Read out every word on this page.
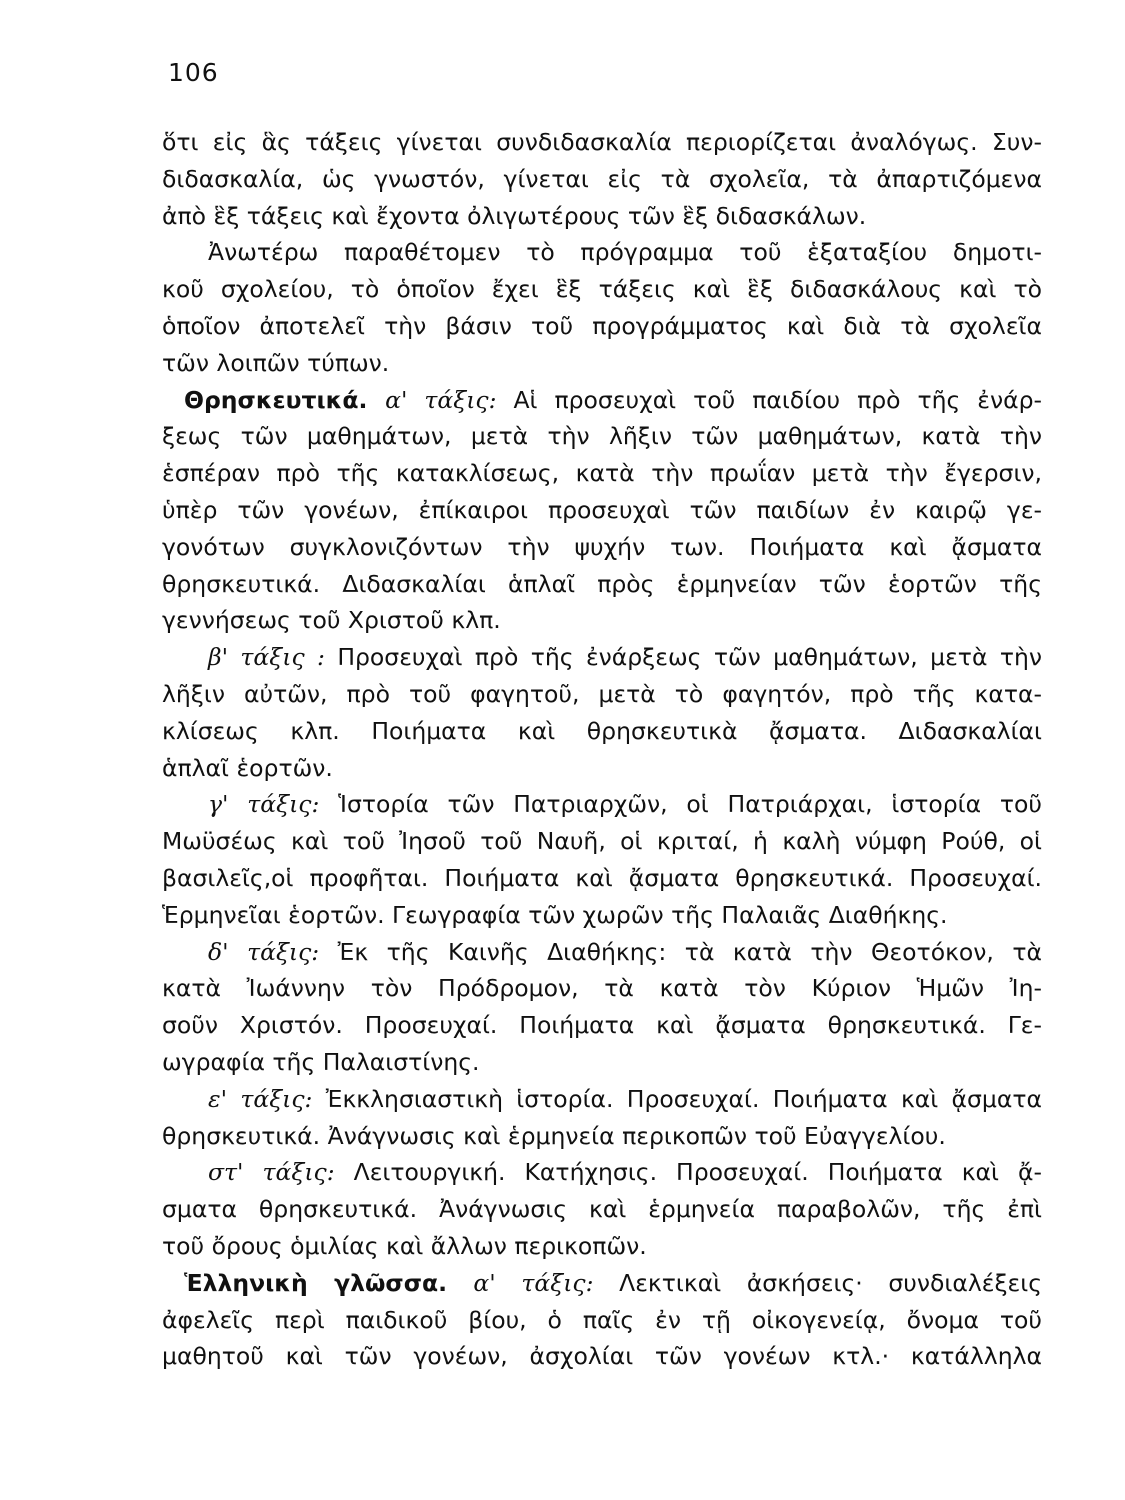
106
ὅτι εἰς ἃς τάξεις γίνεται συνδιδασκαλία περιορίζεται ἀναλόγως. Συν-
διδασκαλία, ὡς γνωστόν, γίνεται εἰς τὰ σχολεῖα, τὰ ἀπαρτιζόμενα
ἀπὸ ἓξ τάξεις καὶ ἔχοντα ὀλιγωτέρους τῶν ἓξ διδασκάλων.
Ἀνωτέρω παραθέτομεν τὸ πρόγραμμα τοῦ ἑξαταξίου δημοτι-
κοῦ σχολείου, τὸ ὁποῖον ἔχει ἓξ τάξεις καὶ ἓξ διδασκάλους καὶ τὸ
ὁποῖον ἀποτελεῖ τὴν βάσιν τοῦ προγράμματος καὶ διὰ τὰ σχολεῖα
τῶν λοιπῶν τύπων.
Θρησκευτικά. α' τάξις: Αἱ προσευχαὶ τοῦ παιδίου πρὸ τῆς ἐνάρ-
ξεως τῶν μαθημάτων, μετὰ τὴν λῆξιν τῶν μαθημάτων, κατὰ τὴν
ἑσπέραν πρὸ τῆς κατακλίσεως, κατὰ τὴν πρωΐαν μετὰ τὴν ἔγερσιν,
ὑπὲρ τῶν γονέων, ἐπίκαιροι προσευχαὶ τῶν παιδίων ἐν καιρῷ γε-
γονότων συγκλονιζόντων τὴν ψυχήν των. Ποιήματα καὶ ᾄσματα
θρησκευτικά. Διδασκαλίαι ἁπλαῖ πρὸς ἑρμηνείαν τῶν ἑορτῶν τῆς
γεννήσεως τοῦ Χριστοῦ κλπ.
β' τάξις : Προσευχαὶ πρὸ τῆς ἐνάρξεως τῶν μαθημάτων, μετὰ τὴν
λῆξιν αὐτῶν, πρὸ τοῦ φαγητοῦ, μετὰ τὸ φαγητόν, πρὸ τῆς κατα-
κλίσεως κλπ. Ποιήματα καὶ θρησκευτικὰ ᾄσματα. Διδασκαλίαι
ἁπλαῖ ἑορτῶν.
γ' τάξις: Ἱστορία τῶν Πατριαρχῶν, οἱ Πατριάρχαι, ἱστορία τοῦ
Μωϋσέως καὶ τοῦ Ἰησοῦ τοῦ Ναυῆ, οἱ κριταί, ἡ καλὴ νύμφη Ρούθ, οἱ
βασιλεῖς,οἱ προφῆται. Ποιήματα καὶ ᾄσματα θρησκευτικά. Προσευχαί.
Ἑρμηνεῖαι ἑορτῶν. Γεωγραφία τῶν χωρῶν τῆς Παλαιᾶς Διαθήκης.
δ' τάξις: Ἐκ τῆς Καινῆς Διαθήκης: τὰ κατὰ τὴν Θεοτόκον, τὰ
κατὰ Ἰωάννην τὸν Πρόδρομον, τὰ κατὰ τὸν Κύριον Ἡμῶν Ἰη-
σοῦν Χριστόν. Προσευχαί. Ποιήματα καὶ ᾄσματα θρησκευτικά. Γε-
ωγραφία τῆς Παλαιστίνης.
ε' τάξις: Ἐκκλησιαστικὴ ἱστορία. Προσευχαί. Ποιήματα καὶ ᾄσματα
θρησκευτικά. Ἀνάγνωσις καὶ ἑρμηνεία περικοπῶν τοῦ Εὐαγγελίου.
στ' τάξις: Λειτουργική. Κατήχησις. Προσευχαί. Ποιήματα καὶ ᾄ-
σματα θρησκευτικά. Ἀνάγνωσις καὶ ἑρμηνεία παραβολῶν, τῆς ἐπὶ
τοῦ ὄρους ὁμιλίας καὶ ἄλλων περικοπῶν.
Ἑλληνικὴ γλῶσσα. α' τάξις: Λεκτικαὶ ἀσκήσεις· συνδιαλέξεις
ἀφελεῖς περὶ παιδικοῦ βίου, ὁ παῖς ἐν τῇ οἰκογενείᾳ, ὄνομα τοῦ
μαθητοῦ καὶ τῶν γονέων, ἀσχολίαι τῶν γονέων κτλ.· κατάλληλα
